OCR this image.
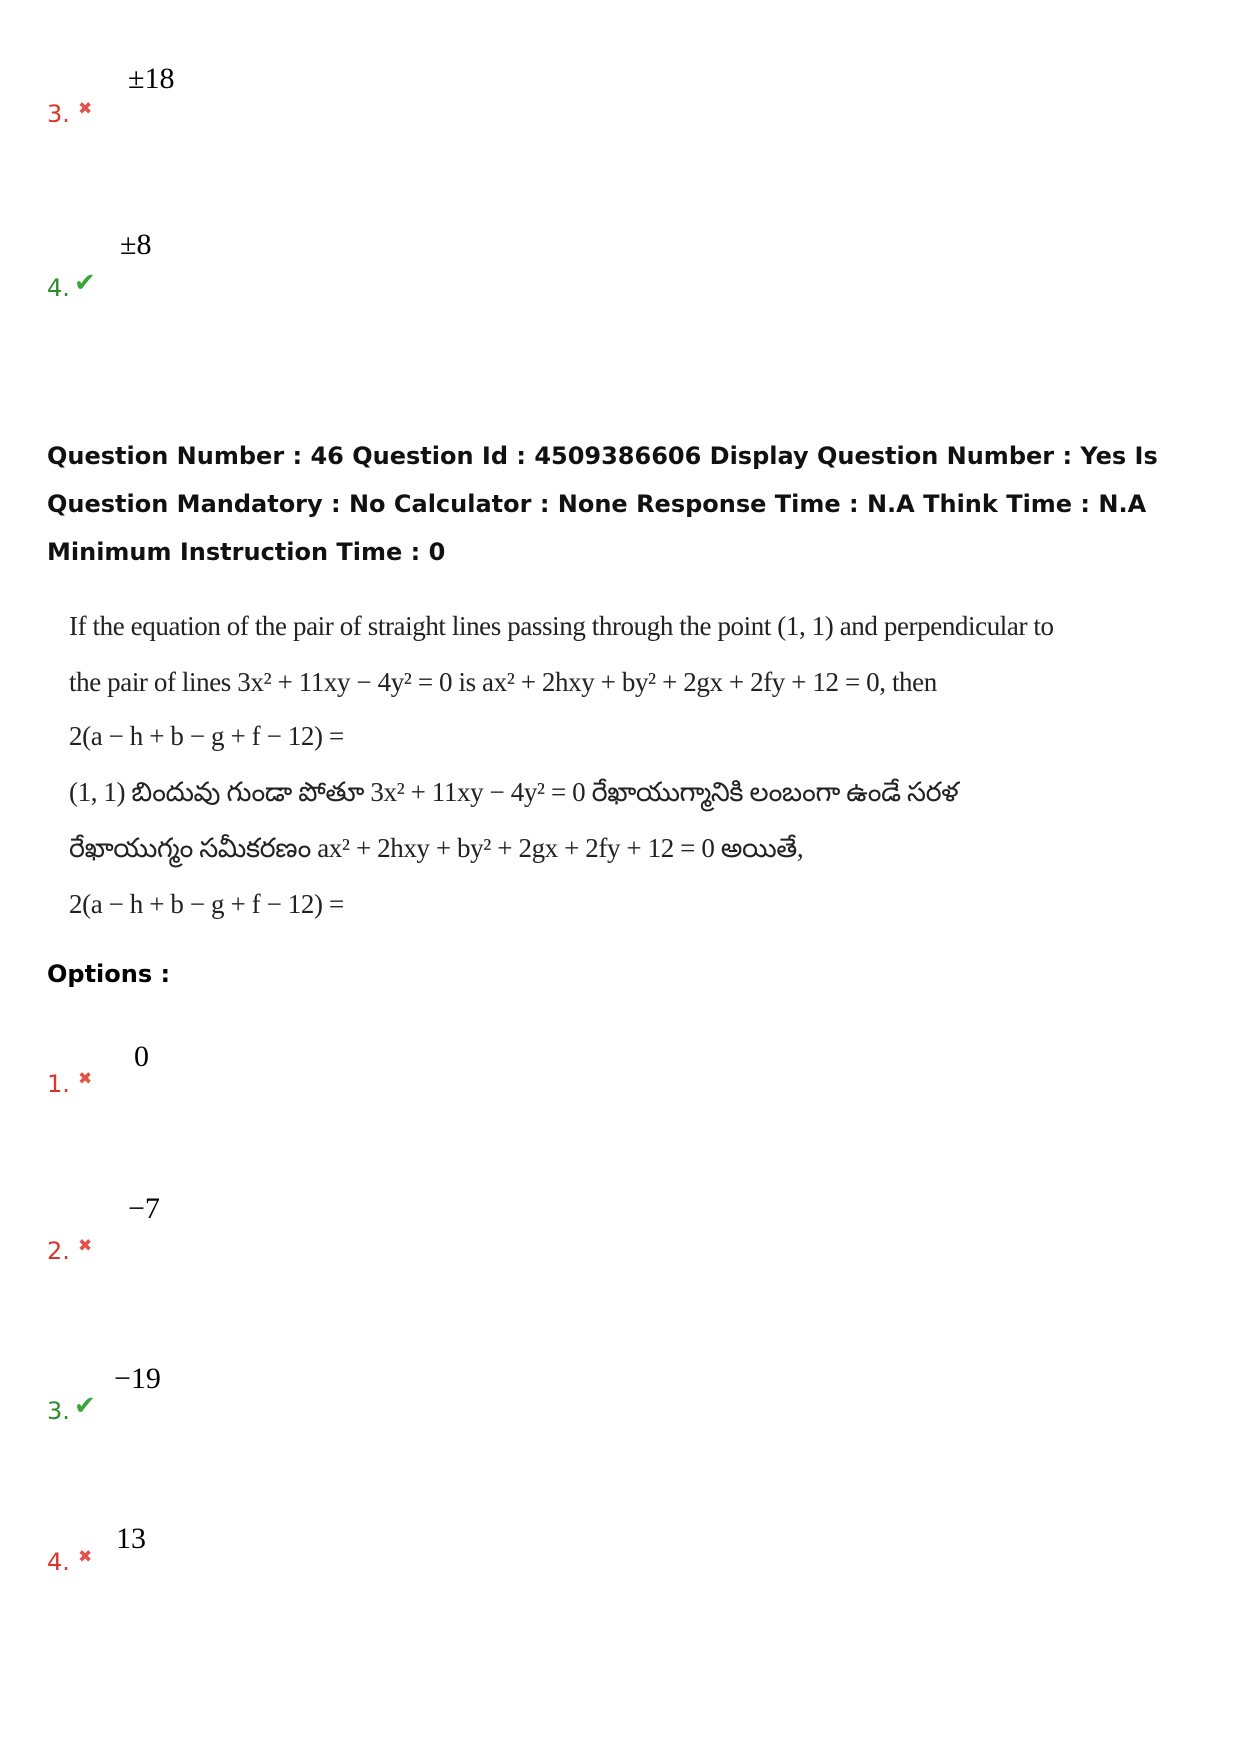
±18
3. ✖
±8
4. ✔
Question Number : 46 Question Id : 4509386606 Display Question Number : Yes Is Question Mandatory : No Calculator : None Response Time : N.A Think Time : N.A Minimum Instruction Time : 0
If the equation of the pair of straight lines passing through the point (1, 1) and perpendicular to
the pair of lines 3x² + 11xy − 4y² = 0 is ax² + 2hxy + by² + 2gx + 2fy + 12 = 0, then
2(a − h + b − g + f − 12) =
(1, 1) బిందువు గుండా పోతూ 3x² + 11xy − 4y² = 0 రేఖాయుగ్మానికి లంబంగా ఉండే సరళ
రేఖాయుగ్మం సమీకరణం ax² + 2hxy + by² + 2gx + 2fy + 12 = 0 అయితే,
2(a − h + b − g + f − 12) =
Options :
0
1. ✖
−7
2. ✖
−19
3. ✔
13
4. ✖
